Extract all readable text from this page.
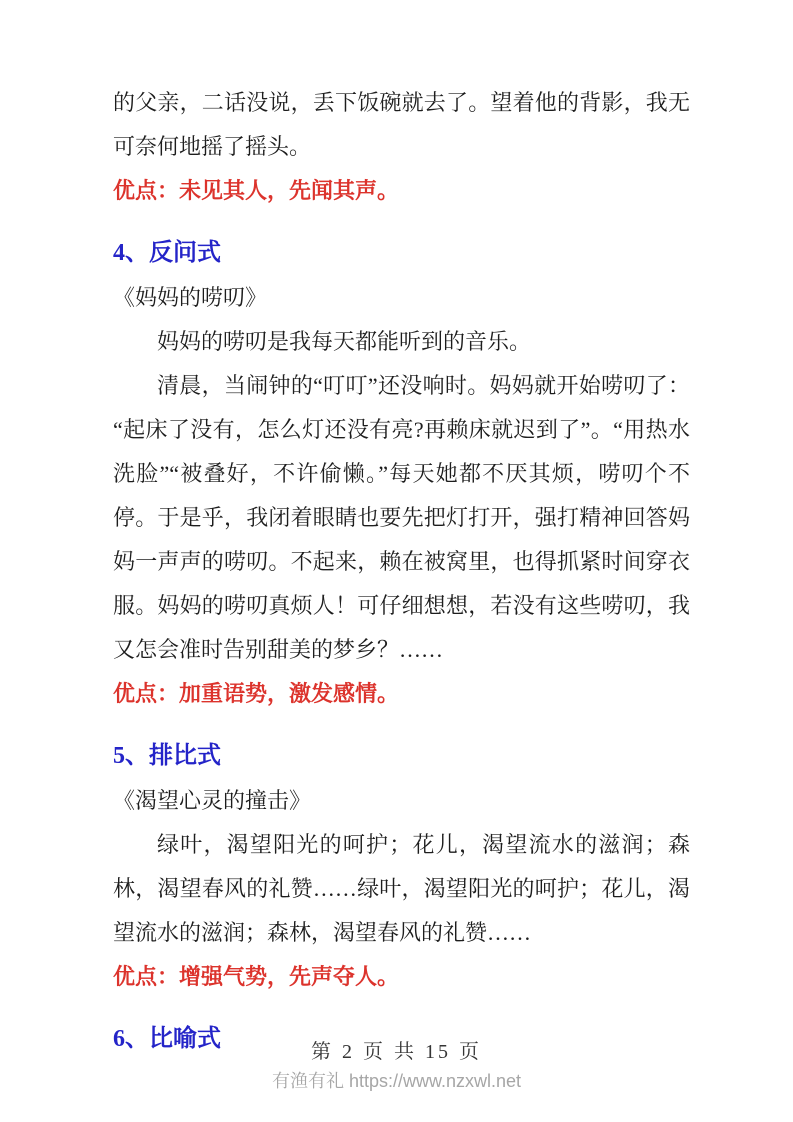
的父亲，二话没说，丢下饭碗就去了。望着他的背影，我无可奈何地摇了摇头。

优点：未见其人，先闻其声。

4、反问式

《妈妈的唠叨》

妈妈的唠叨是我每天都能听到的音乐。

清晨，当闹钟的“叮叮”还没响时。妈妈就开始唠叨了：“起床了没有，怎么灯还没有亮?再赖床就迟到了”。“用热水洗脸”“被叠好，不许偷懒。”每天她都不厌其烦，唠叨个不停。于是乎，我闭着眼睛也要先把灯打开，强打精神回答妈妈一声声的唠叨。不起来，赖在被窝里，也得抓紧时间穿衣服。妈妈的唠叨真烦人！可仔细想想，若没有这些唠叨，我又怎会准时告别甜美的梦乡？……

优点：加重语势，激发感情。

5、排比式

《渴望心灵的撞击》

绿叶，渴望阳光的呵护；花儿，渴望流水的滋润；森林，渴望春风的礼赞……绿叶，渴望阳光的呵护；花儿，渴望流水的滋润；森林，渴望春风的礼赞……

优点：增强气势，先声夺人。

6、比喻式	第 2 页 共 15 页
有渔有礼 https://www.nzxwl.net
